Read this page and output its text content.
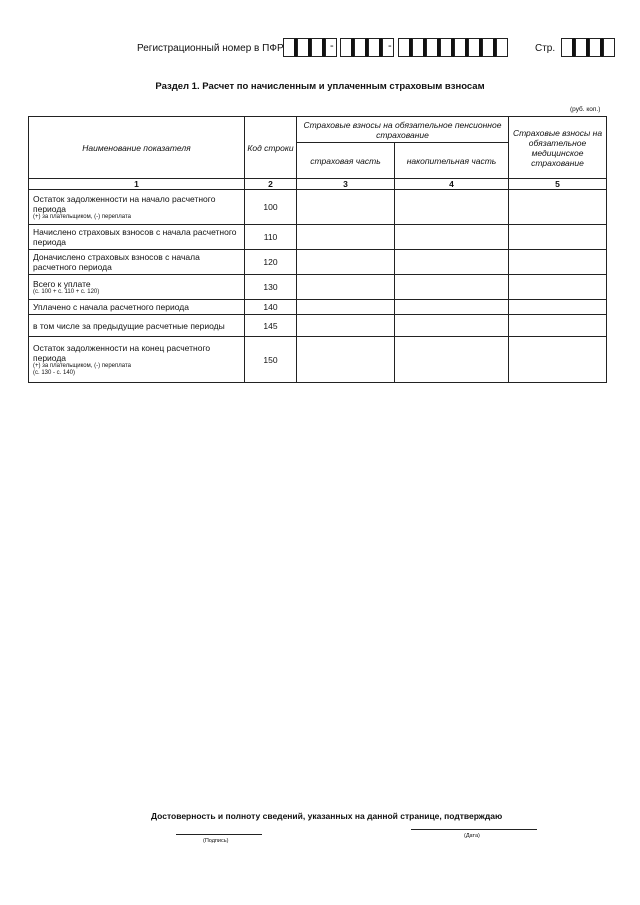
Регистрационный номер в ПФР	-	-	Стр.
Раздел 1. Расчет по начисленным и уплаченным страховым взносам
(руб. коп.)
Наименование показателя	Код строки	Страховые взносы на обязательное пенсионное страхование		Страховые взносы на обязательное медицинское страхование
		страховая часть	накопительная часть	
1	2	3	4	5
Остаток задолженности на начало расчетного периода
(+) за плательщиком, (-) переплата	100			
Начислено страховых взносов с начала расчетного периода	110			
Доначислено страховых взносов с начала расчетного периода	120			
Всего к уплате
(с. 100 + с. 110 + с. 120)	130			
Уплачено с начала расчетного периода	140			
в том числе за предыдущие расчетные периоды	145			
Остаток задолженности на конец расчетного периода
(+) за плательщиком, (-) переплата
(с. 130 - с. 140)	150			
Достоверность и полноту сведений, указанных на данной странице, подтверждаю
(Подпись)
(Дата)
